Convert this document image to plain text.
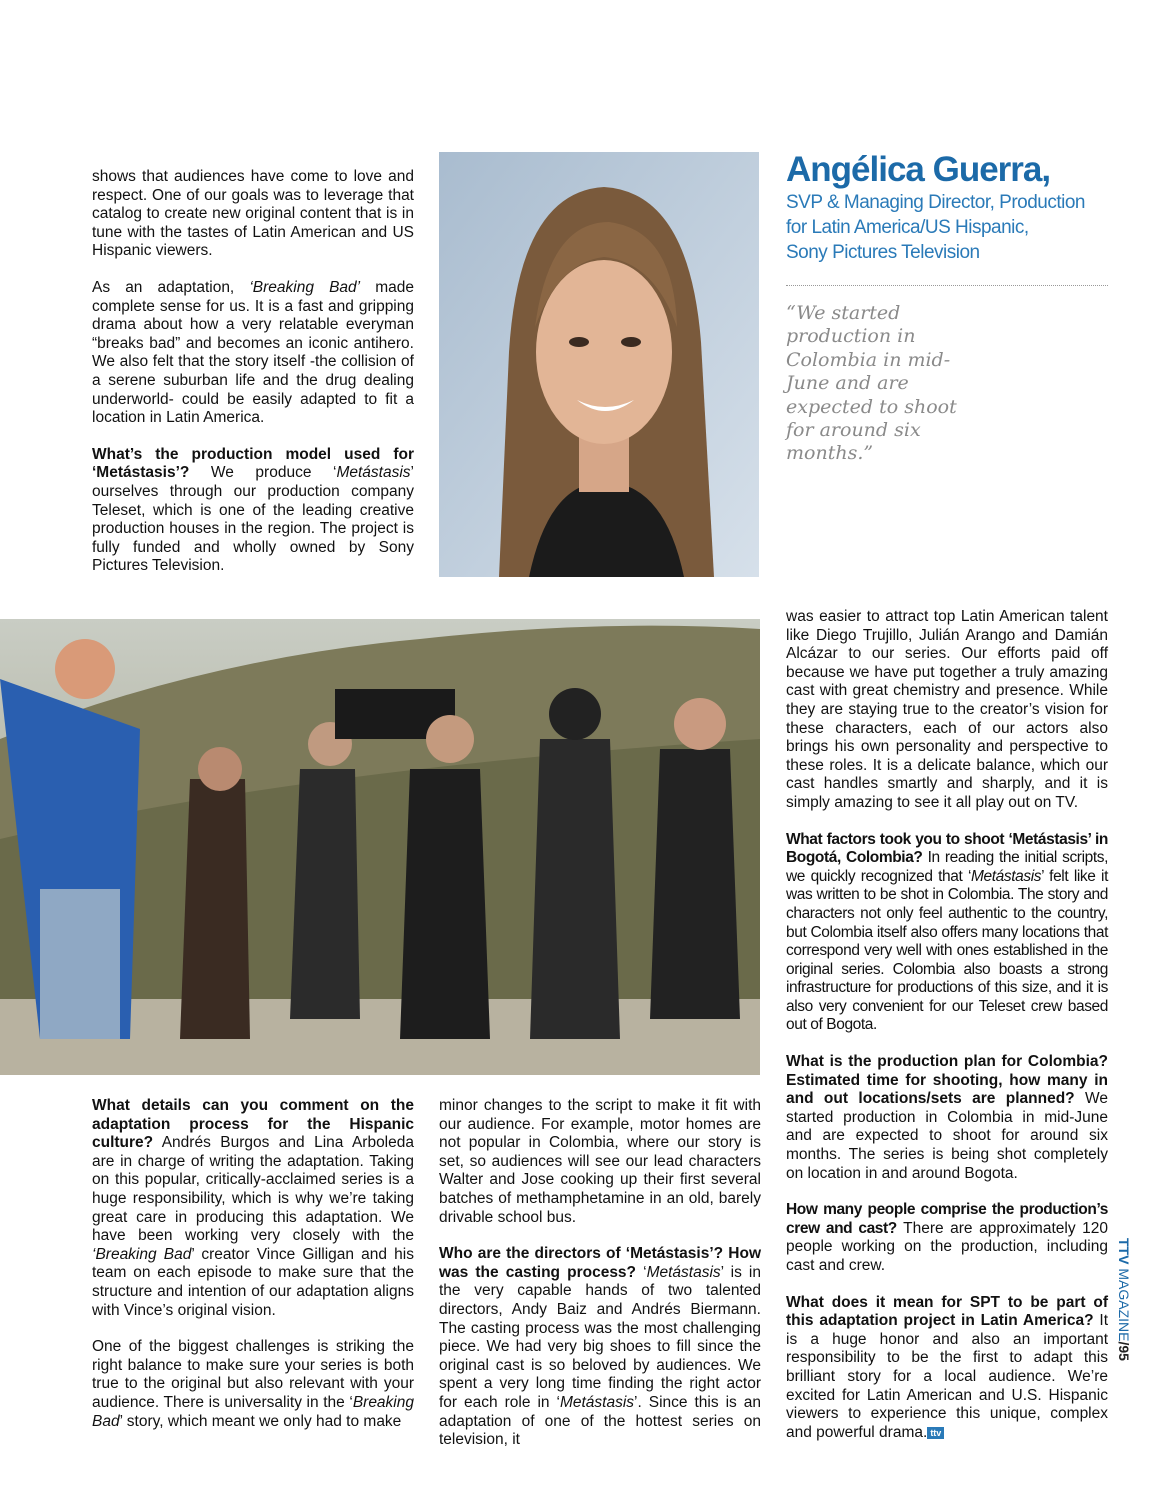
shows that audiences have come to love and respect. One of our goals was to leverage that catalog to create new original content that is in tune with the tastes of Latin American and US Hispanic viewers.

As an adaptation, ‘Breaking Bad’ made complete sense for us. It is a fast and gripping drama about how a very relatable everyman “breaks bad” and becomes an iconic antihero. We also felt that the story itself -the collision of a serene suburban life and the drug dealing underworld- could be easily adapted to fit a location in Latin America.

What’s the production model used for ‘Metástasis’? We produce ‘Metástasis’ ourselves through our production company Teleset, which is one of the leading creative production houses in the region. The project is fully funded and wholly owned by Sony Pictures Television.

Angélica Guerra,
SVP & Managing Director, Production
for Latin America/US Hispanic,
Sony Pictures Television
“We started production in Colombia in mid-June and are expected to shoot for around six months.”

What details can you comment on the adaptation process for the Hispanic culture? Andrés Burgos and Lina Arboleda are in charge of writing the adaptation. Taking on this popular, critically-acclaimed series is a huge responsibility, which is why we’re taking great care in producing this adaptation. We have been working very closely with the ‘Breaking Bad’ creator Vince Gilligan and his team on each episode to make sure that the structure and intention of our adaptation aligns with Vince’s original vision.

One of the biggest challenges is striking the right balance to make sure your series is both true to the original but also relevant with your audience. There is universality in the ‘Breaking Bad’ story, which meant we only had to make

minor changes to the script to make it fit with our audience. For example, motor homes are not popular in Colombia, where our story is set, so audiences will see our lead characters Walter and Jose cooking up their first several batches of methamphetamine in an old, barely drivable school bus.

Who are the directors of ‘Metástasis’? How was the casting process? ‘Metástasis’ is in the very capable hands of two talented directors, Andy Baiz and Andrés Biermann. The casting process was the most challenging piece. We had very big shoes to fill since the original cast is so beloved by audiences. We spent a very long time finding the right actor for each role in ‘Metástasis’. Since this is an adaptation of one of the hottest series on television, it

was easier to attract top Latin American talent like Diego Trujillo, Julián Arango and Damián Alcázar to our series. Our efforts paid off because we have put together a truly amazing cast with great chemistry and presence. While they are staying true to the creator’s vision for these characters, each of our actors also brings his own personality and perspective to these roles. It is a delicate balance, which our cast handles smartly and sharply, and it is simply amazing to see it all play out on TV.

What factors took you to shoot ‘Metástasis’ in Bogotá, Colombia? In reading the initial scripts, we quickly recognized that ‘Metástasis’ felt like it was written to be shot in Colombia. The story and characters not only feel authentic to the country, but Colombia itself also offers many locations that correspond very well with ones established in the original series. Colombia also boasts a strong infrastructure for productions of this size, and it is also very convenient for our Teleset crew based out of Bogota.

What is the production plan for Colombia? Estimated time for shooting, how many in and out locations/sets are planned? We started production in Colombia in mid-June and are expected to shoot for around six months. The series is being shot completely on location in and around Bogota.

How many people comprise the production’s crew and cast? There are approximately 120 people working on the production, including cast and crew.

What does it mean for SPT to be part of this adaptation project in Latin America? It is a huge honor and also an important responsibility to be the first to adapt this brilliant story for a local audience. We’re excited for Latin American and U.S. Hispanic viewers to experience this unique, complex and powerful drama. ttv

TTV MAGAZINE/95
